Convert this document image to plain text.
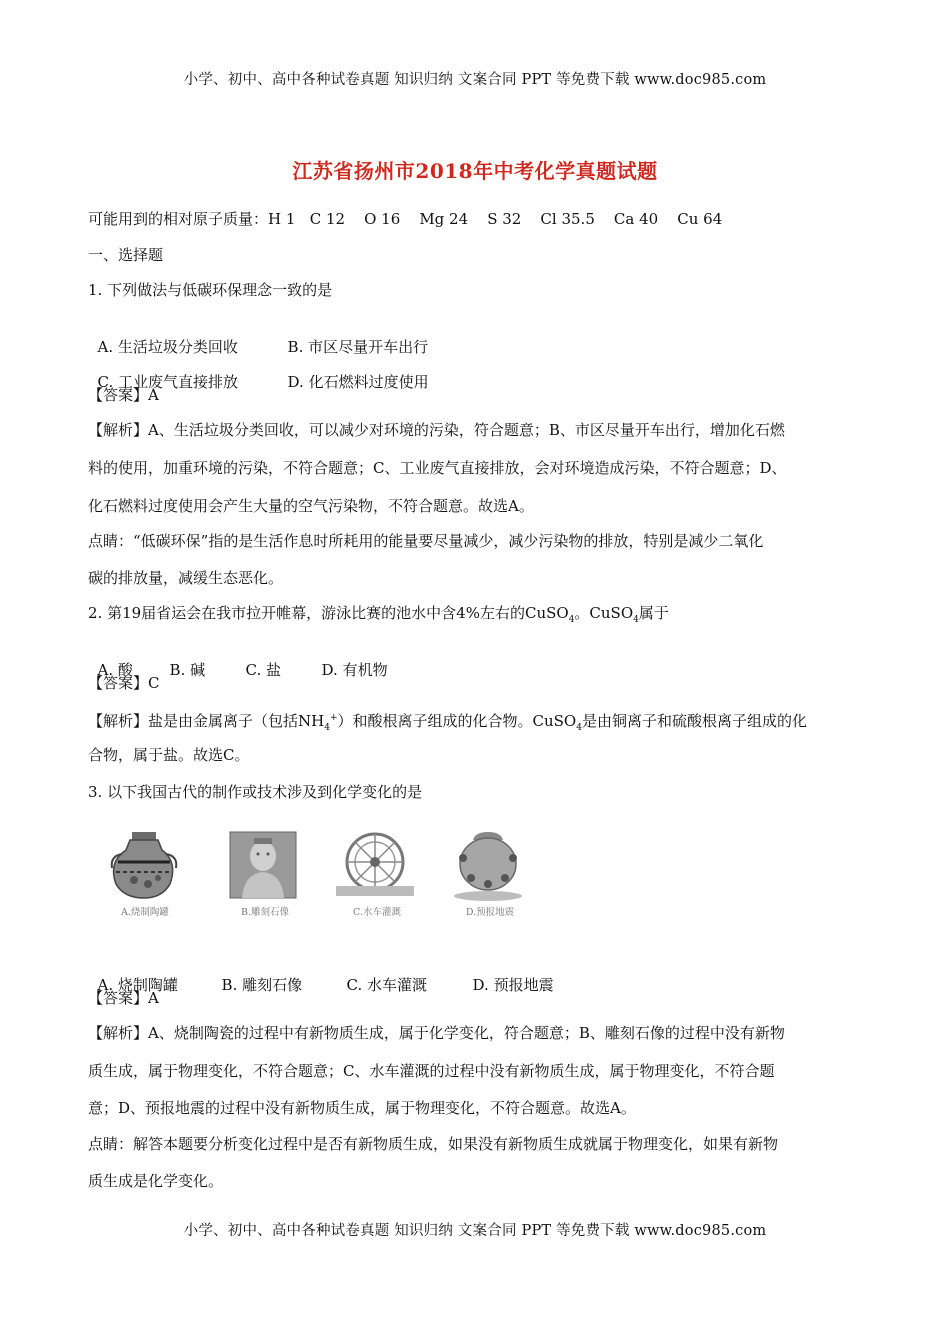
小学、初中、高中各种试卷真题 知识归纳 文案合同 PPT 等免费下载 www.doc985.com
江苏省扬州市2018年中考化学真题试题
可能用到的相对原子质量：H 1   C 12    O 16    Mg 24    S 32    Cl 35.5    Ca 40    Cu 64
一、选择题
1. 下列做法与低碳环保理念一致的是

A. 生活垃圾分类回收	B. 市区尽量开车出行

C. 工业废气直接排放	D. 化石燃料过度使用

【答案】A
【解析】A、生活垃圾分类回收，可以减少对环境的污染，符合题意；B、市区尽量开车出行，增加化石燃
料的使用，加重环境的污染，不符合题意；C、工业废气直接排放，会对环境造成污染，不符合题意；D、
化石燃料过度使用会产生大量的空气污染物，不符合题意。故选A。
点睛：“低碳环保”指的是生活作息时所耗用的能量要尽量减少，减少污染物的排放，特别是减少二氧化
碳的排放量，减缓生态恶化。
2. 第19届省运会在我市拉开帷幕，游泳比赛的池水中含4%左右的CuSO$_4$。CuSO$_4$属于

A. 酸 B. 碱	C. 盐	D. 有机物

【答案】C
【解析】盐是由金属离子（包括$NH_4^+$）和酸根离子组成的化合物。CuSO$_4$是由铜离子和硫酸根离子组成的化
合物，属于盐。故选C。
3. 以下我国古代的制作或技术涉及到化学变化的是
A.烧制陶罐	B.雕刻石像	C.水车灌溉	D.预报地震

A. 烧制陶罐	B. 雕刻石像	C. 水车灌溉	D. 预报地震

【答案】A
【解析】A、烧制陶瓷的过程中有新物质生成，属于化学变化，符合题意；B、雕刻石像的过程中没有新物
质生成，属于物理变化，不符合题意；C、水车灌溉的过程中没有新物质生成，属于物理变化，不符合题
意；D、预报地震的过程中没有新物质生成，属于物理变化，不符合题意。故选A。
点睛：解答本题要分析变化过程中是否有新物质生成，如果没有新物质生成就属于物理变化，如果有新物
质生成是化学变化。
小学、初中、高中各种试卷真题 知识归纳 文案合同 PPT 等免费下载 www.doc985.com
